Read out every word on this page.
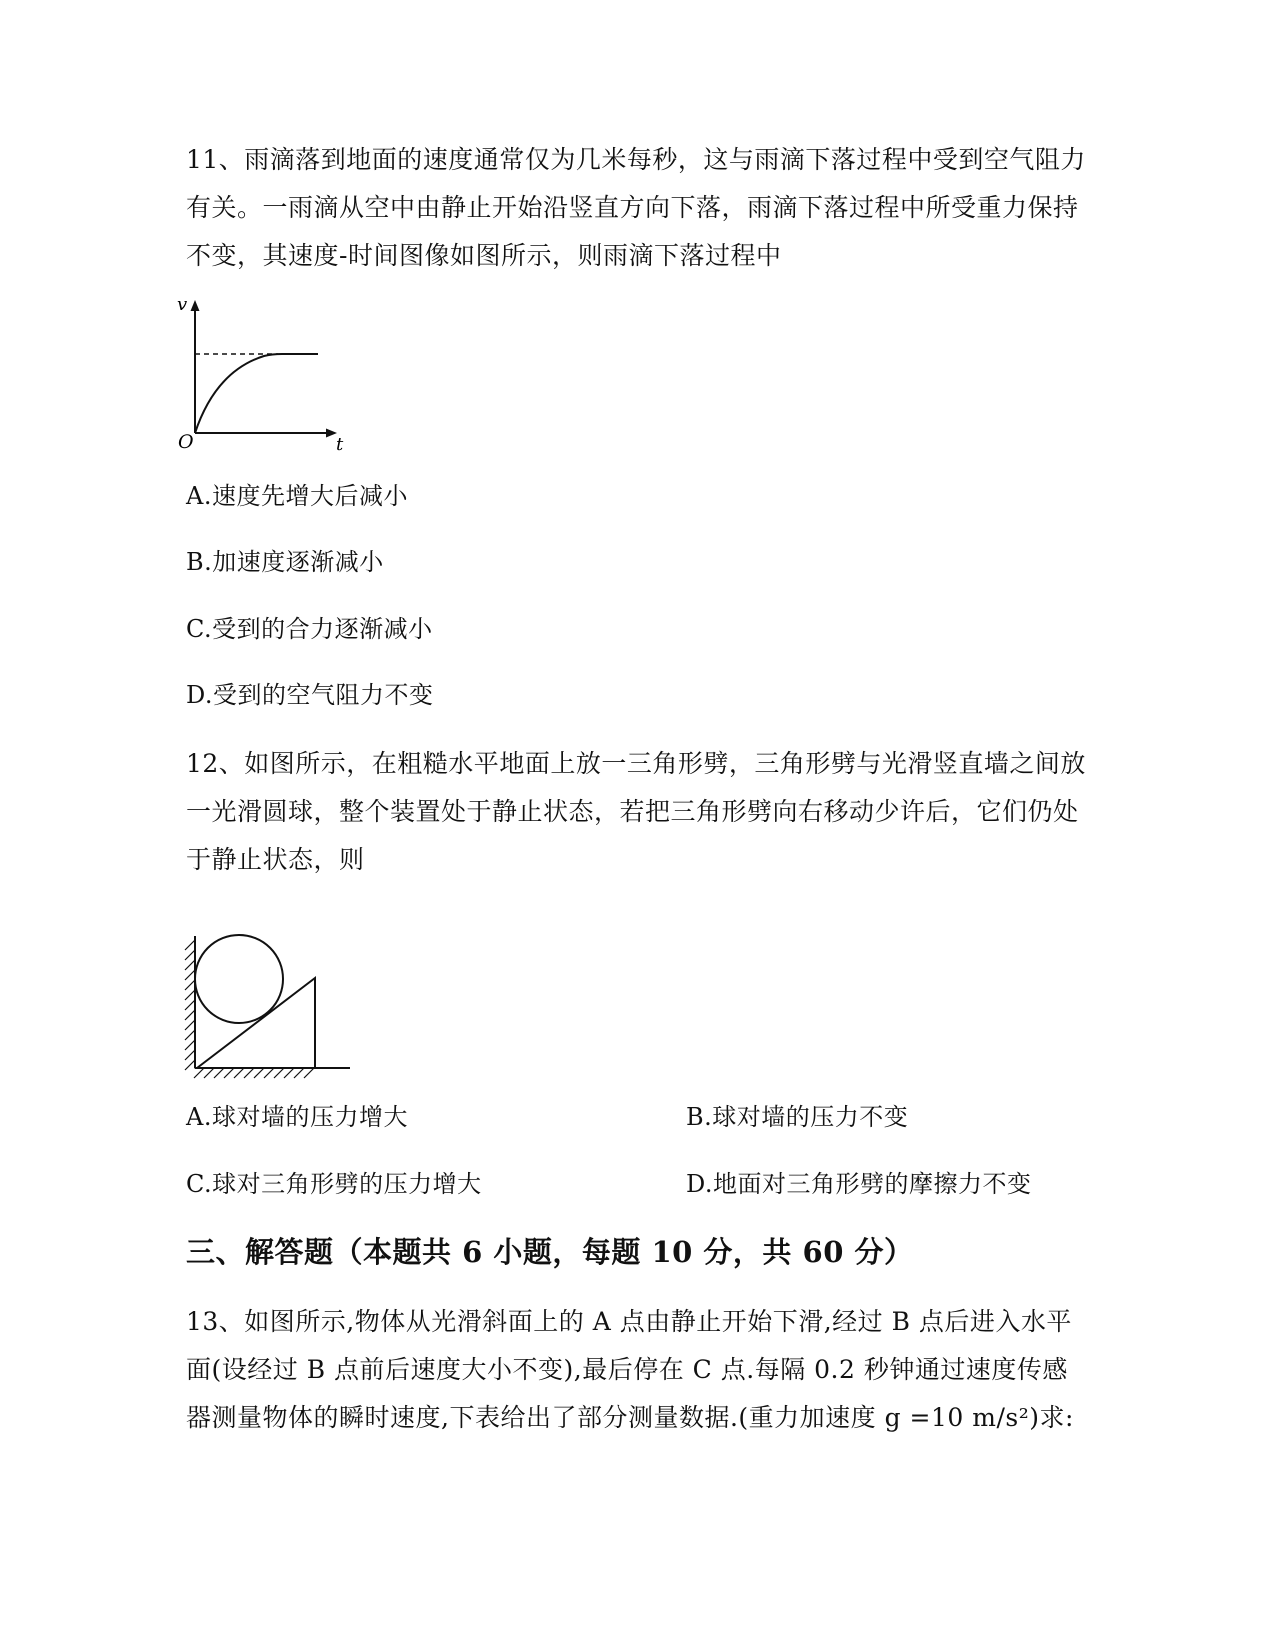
11、雨滴落到地面的速度通常仅为几米每秒，这与雨滴下落过程中受到空气阻力有关。一雨滴从空中由静止开始沿竖直方向下落，雨滴下落过程中所受重力保持不变，其速度-时间图像如图所示，则雨滴下落过程中
v
t
O
A.速度先增大后减小
B.加速度逐渐减小
C.受到的合力逐渐减小
D.受到的空气阻力不变
12、如图所示，在粗糙水平地面上放一三角形劈，三角形劈与光滑竖直墙之间放一光滑圆球，整个装置处于静止状态，若把三角形劈向右移动少许后，它们仍处于静止状态，则
A.球对墙的压力增大	B.球对墙的压力不变
C.球对三角形劈的压力增大	D.地面对三角形劈的摩擦力不变
三、解答题（本题共 6 小题，每题 10 分，共 60 分）
13、如图所示,物体从光滑斜面上的 A 点由静止开始下滑,经过 B 点后进入水平面(设经过 B 点前后速度大小不变),最后停在 C 点.每隔 0.2 秒钟通过速度传感器测量物体的瞬时速度,下表给出了部分测量数据.(重力加速度 g =10 m/s²)求:
